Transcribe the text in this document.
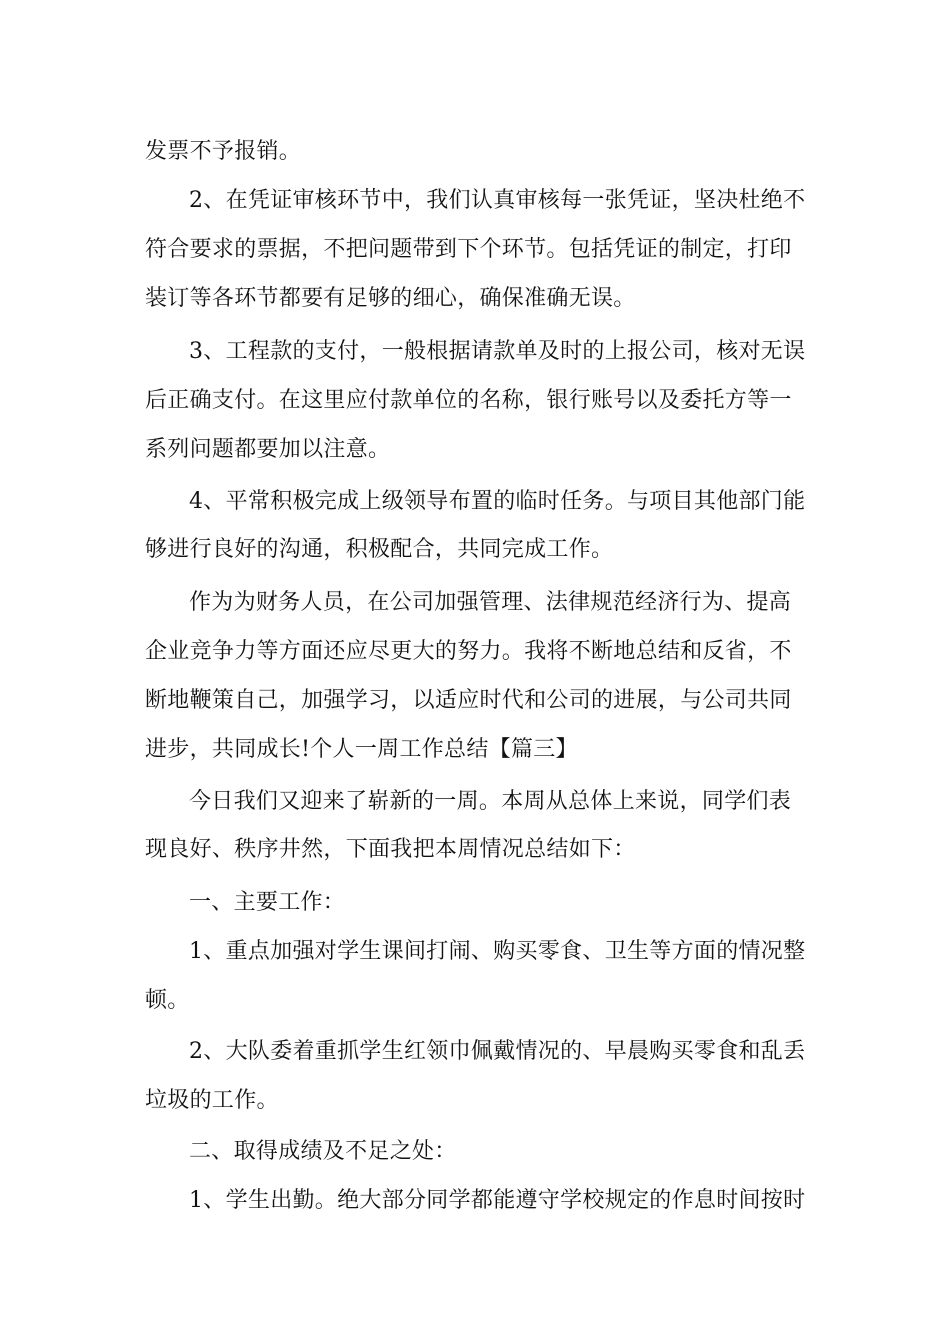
发票不予报销。
2、在凭证审核环节中，我们认真审核每一张凭证，坚决杜绝不
符合要求的票据，不把问题带到下个环节。包括凭证的制定，打印
装订等各环节都要有足够的细心，确保准确无误。
3、工程款的支付，一般根据请款单及时的上报公司，核对无误
后正确支付。在这里应付款单位的名称，银行账号以及委托方等一
系列问题都要加以注意。
4、平常积极完成上级领导布置的临时任务。与项目其他部门能
够进行良好的沟通，积极配合，共同完成工作。
作为为财务人员，在公司加强管理、法律规范经济行为、提高
企业竞争力等方面还应尽更大的努力。我将不断地总结和反省，不
断地鞭策自己，加强学习，以适应时代和公司的进展，与公司共同
进步，共同成长!个人一周工作总结【篇三】
今日我们又迎来了崭新的一周。本周从总体上来说，同学们表
现良好、秩序井然，下面我把本周情况总结如下：
一、主要工作：
1、重点加强对学生课间打闹、购买零食、卫生等方面的情况整
顿。
2、大队委着重抓学生红领巾佩戴情况的、早晨购买零食和乱丢
垃圾的工作。
二、取得成绩及不足之处：
1、学生出勤。绝大部分同学都能遵守学校规定的作息时间按时
